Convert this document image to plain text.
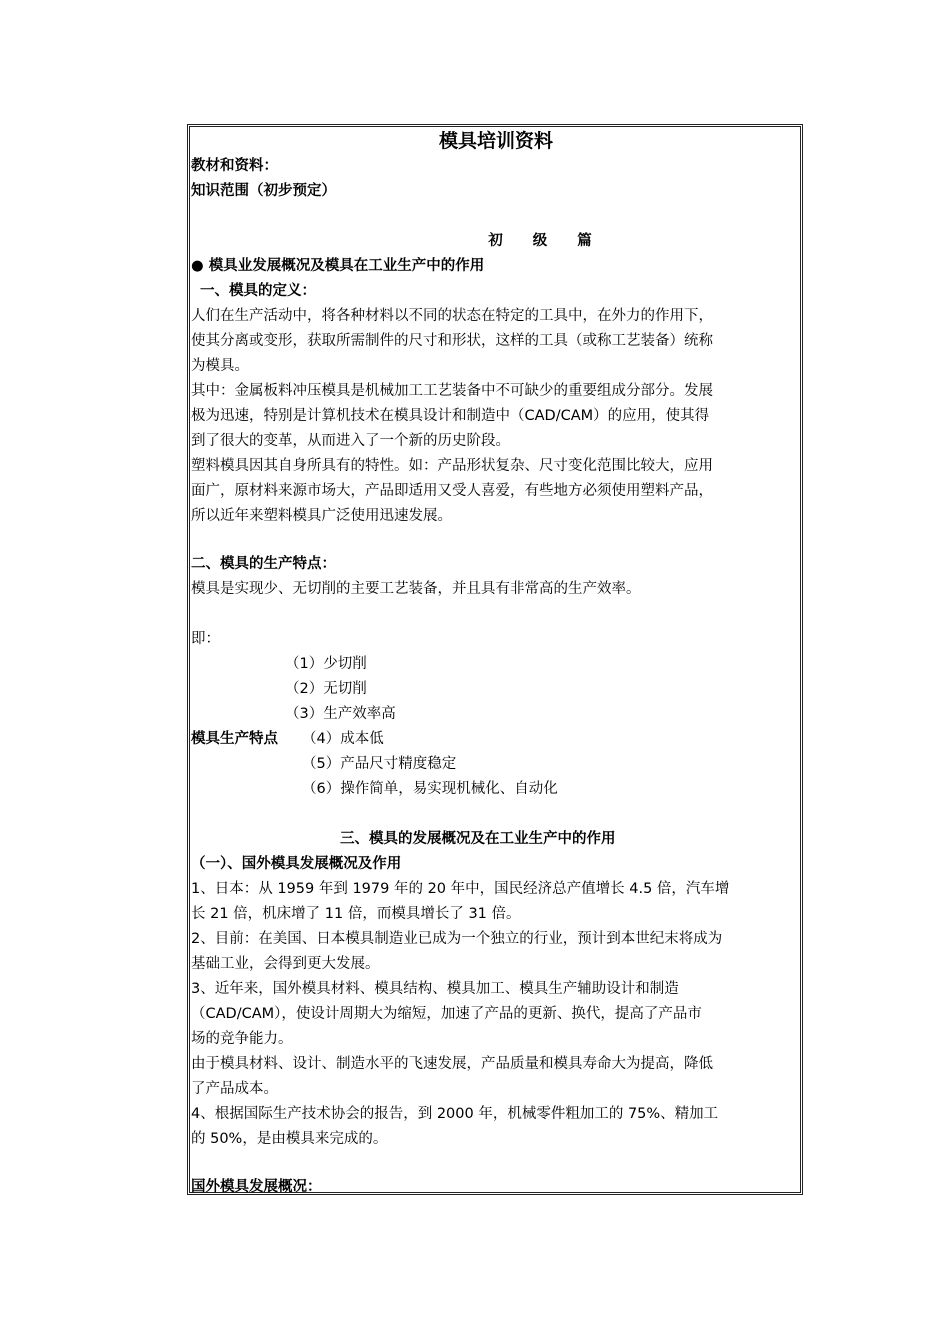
模具培训资料
教材和资料：
知识范围（初步预定）
初级篇
● 模具业发展概况及模具在工业生产中的作用
一、模具的定义：
人们在生产活动中，将各种材料以不同的状态在特定的工具中，在外力的作用下，
使其分离或变形，获取所需制件的尺寸和形状，这样的工具（或称工艺装备）统称
为模具。
其中：金属板料冲压模具是机械加工工艺装备中不可缺少的重要组成分部分。发展
极为迅速，特别是计算机技术在模具设计和制造中（CAD/CAM）的应用，使其得
到了很大的变革，从而进入了一个新的历史阶段。
塑料模具因其自身所具有的特性。如：产品形状复杂、尺寸变化范围比较大，应用
面广，原材料来源市场大，产品即适用又受人喜爱，有些地方必须使用塑料产品，
所以近年来塑料模具广泛使用迅速发展。
二、模具的生产特点：
模具是实现少、无切削的主要工艺装备，并且具有非常高的生产效率。
即：
（1）少切削
（2）无切削
（3）生产效率高
模具生产特点 （4）成本低
（5）产品尺寸精度稳定
（6）操作简单，易实现机械化、自动化
三、模具的发展概况及在工业生产中的作用
（一）、国外模具发展概况及作用
1、日本：从 1959 年到 1979 年的 20 年中，国民经济总产值增长 4.5 倍，汽车增
长 21 倍，机床增了 11 倍，而模具增长了 31 倍。
2、目前：在美国、日本模具制造业已成为一个独立的行业，预计到本世纪末将成为
基础工业，会得到更大发展。
3、近年来，国外模具材料、模具结构、模具加工、模具生产辅助设计和制造
（CAD/CAM），使设计周期大为缩短，加速了产品的更新、换代，提高了产品市
场的竞争能力。
由于模具材料、设计、制造水平的飞速发展，产品质量和模具寿命大为提高，降低
了产品成本。
4、根据国际生产技术协会的报告，到 2000 年，机械零件粗加工的 75%、精加工
的 50%，是由模具来完成的。
国外模具发展概况：
